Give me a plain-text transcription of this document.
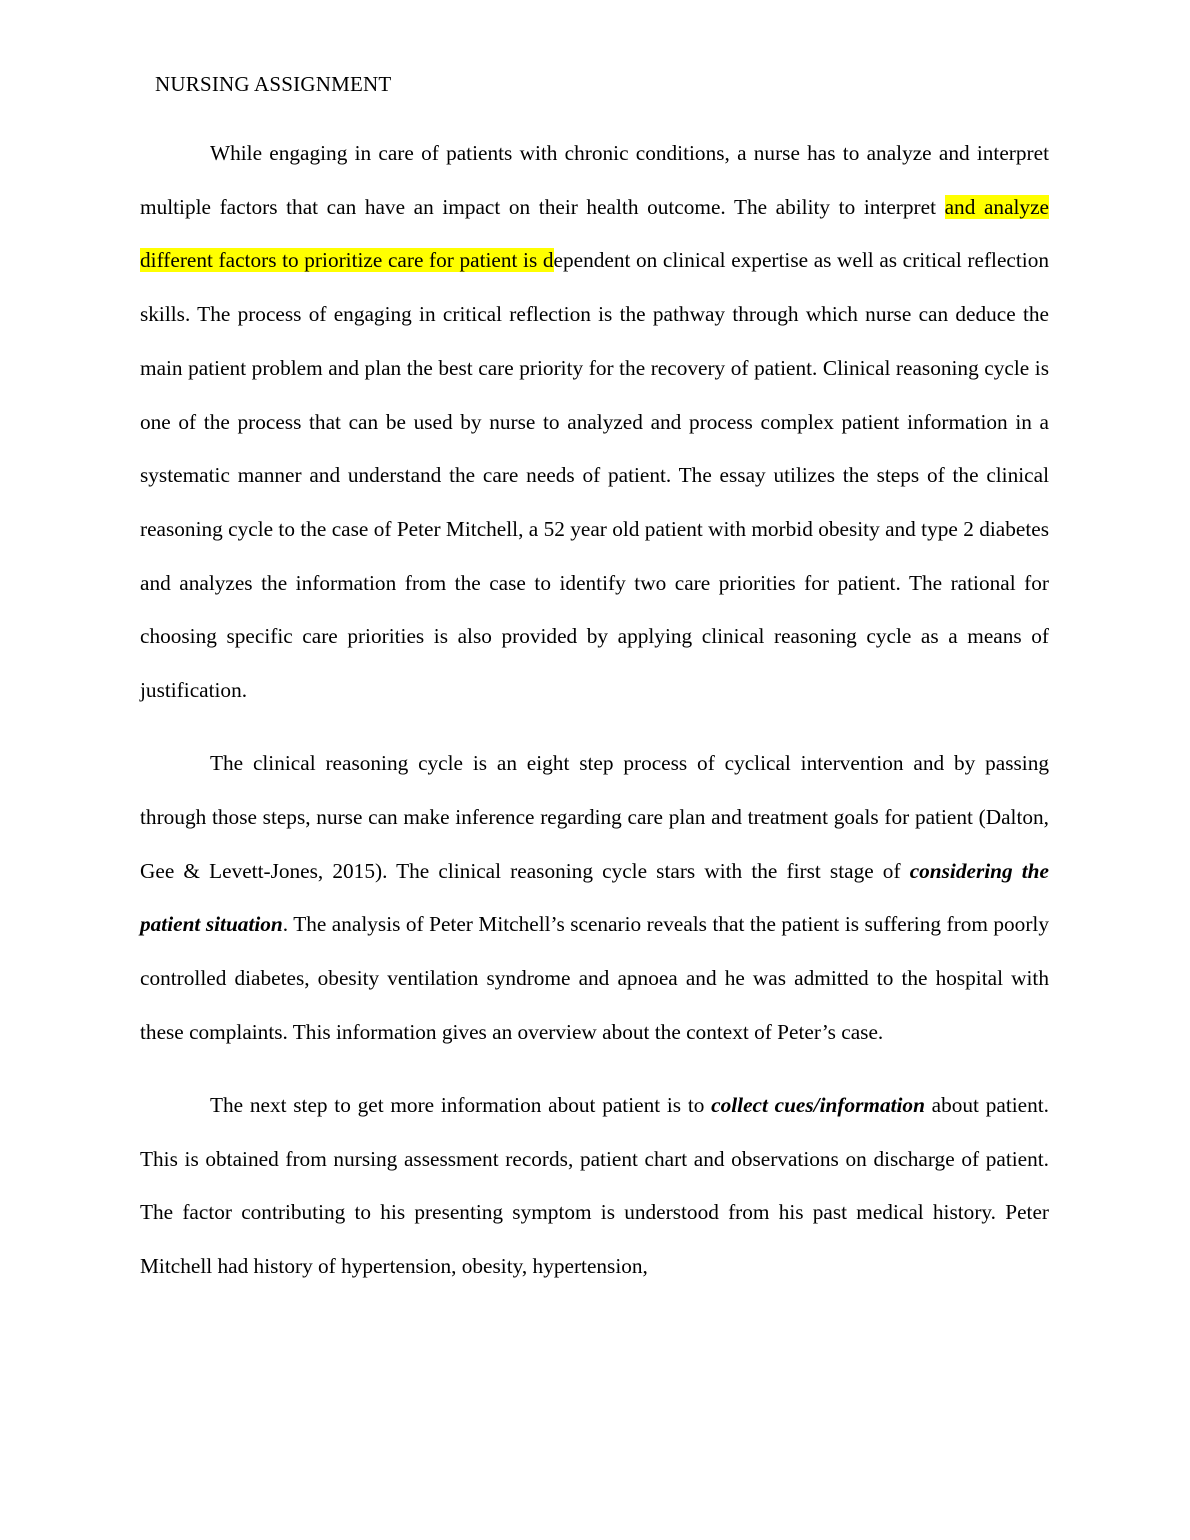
NURSING ASSIGNMENT

While engaging in care of patients with chronic conditions, a nurse has to analyze and interpret multiple factors that can have an impact on their health outcome. The ability to interpret and analyze different factors to prioritize care for patient is dependent on clinical expertise as well as critical reflection skills. The process of engaging in critical reflection is the pathway through which nurse can deduce the main patient problem and plan the best care priority for the recovery of patient. Clinical reasoning cycle is one of the process that can be used by nurse to analyzed and process complex patient information in a systematic manner and understand the care needs of patient. The essay utilizes the steps of the clinical reasoning cycle to the case of Peter Mitchell, a 52 year old patient with morbid obesity and type 2 diabetes and analyzes the information from the case to identify two care priorities for patient. The rational for choosing specific care priorities is also provided by applying clinical reasoning cycle as a means of justification.

The clinical reasoning cycle is an eight step process of cyclical intervention and by passing through those steps, nurse can make inference regarding care plan and treatment goals for patient (Dalton, Gee & Levett-Jones, 2015). The clinical reasoning cycle stars with the first stage of considering the patient situation. The analysis of Peter Mitchell’s scenario reveals that the patient is suffering from poorly controlled diabetes, obesity ventilation syndrome and apnoea and he was admitted to the hospital with these complaints. This information gives an overview about the context of Peter’s case.

The next step to get more information about patient is to collect cues/information about patient. This is obtained from nursing assessment records, patient chart and observations on discharge of patient. The factor contributing to his presenting symptom is understood from his past medical history. Peter Mitchell had history of hypertension, obesity, hypertension,
